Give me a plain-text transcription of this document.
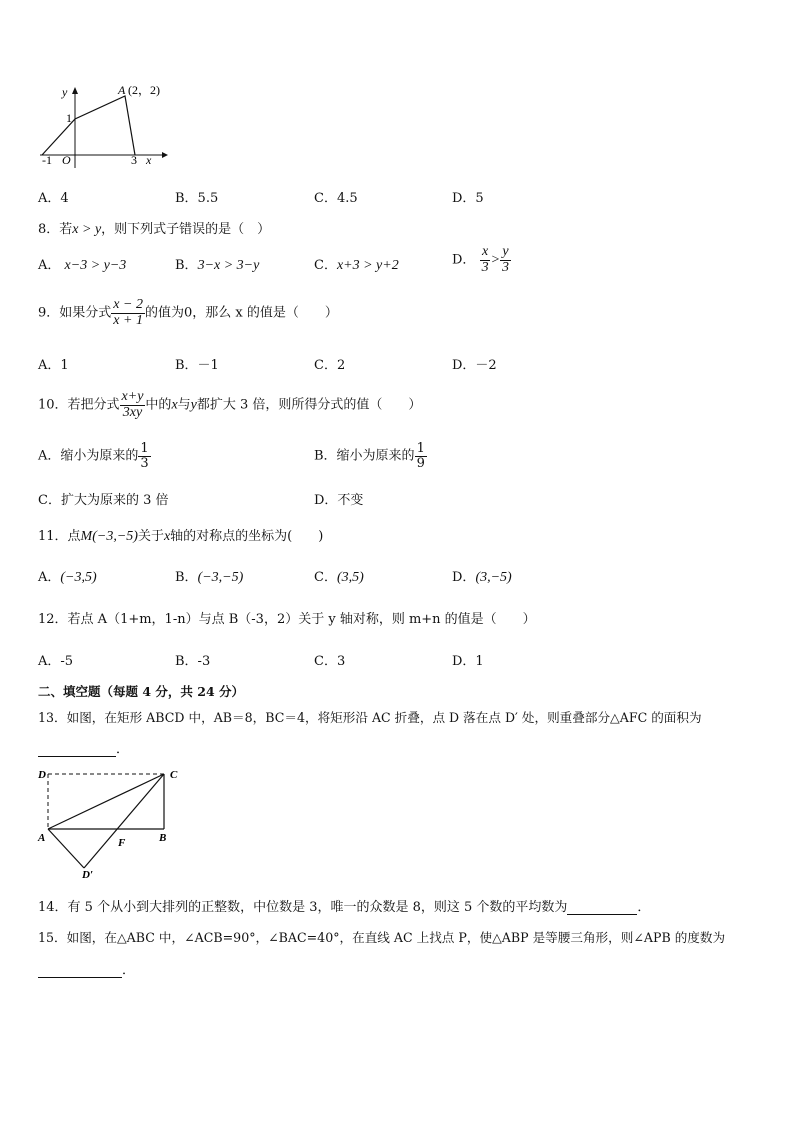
y
x
A (2，2)
1
-1 O	3
A．4	B．5.5	C．4.5	D．5
8．若x > y，则下列式子错误的是（　）
A． x−3 > y−3	B．3−x > 3−y	C．x+3 > y+2	D． $\frac{x}{3} > \frac{y}{3}$
9．如果分式 $\frac{x - 2}{x + 1}$ 的值为0，那么 x 的值是（　　）
A．1	B．－1	C．2	D．－2
10．若把分式 $\frac{x+y}{3xy}$ 中的x与y都扩大 3 倍，则所得分式的值（　　）
A．缩小为原来的 $\frac{1}{3}$	B．缩小为原来的 $\frac{1}{9}$
C．扩大为原来的 3 倍	D．不变
11．点M(−3,−5)关于x轴的对称点的坐标为(　　)
A．(−3,5)	B．(−3,−5)	C．(3,5)	D．(3,−5)
12．若点 A（1+m，1-n）与点 B（-3，2）关于 y 轴对称，则 m+n 的值是（　　）
A．-5	B．-3	C．3	D．1
二、填空题（每题 4 分，共 24 分）
13．如图，在矩形 ABCD 中，AB＝8，BC＝4，将矩形沿 AC 折叠，点 D 落在点 D′ 处，则重叠部分△AFC 的面积为
．
D	C
A	B
F
D′
14．有 5 个从小到大排列的正整数，中位数是 3，唯一的众数是 8，则这 5 个数的平均数为	．
15．如图，在△ABC 中，∠ACB=90°，∠BAC=40°，在直线 AC 上找点 P，使△ABP 是等腰三角形，则∠APB 的度数为
．
